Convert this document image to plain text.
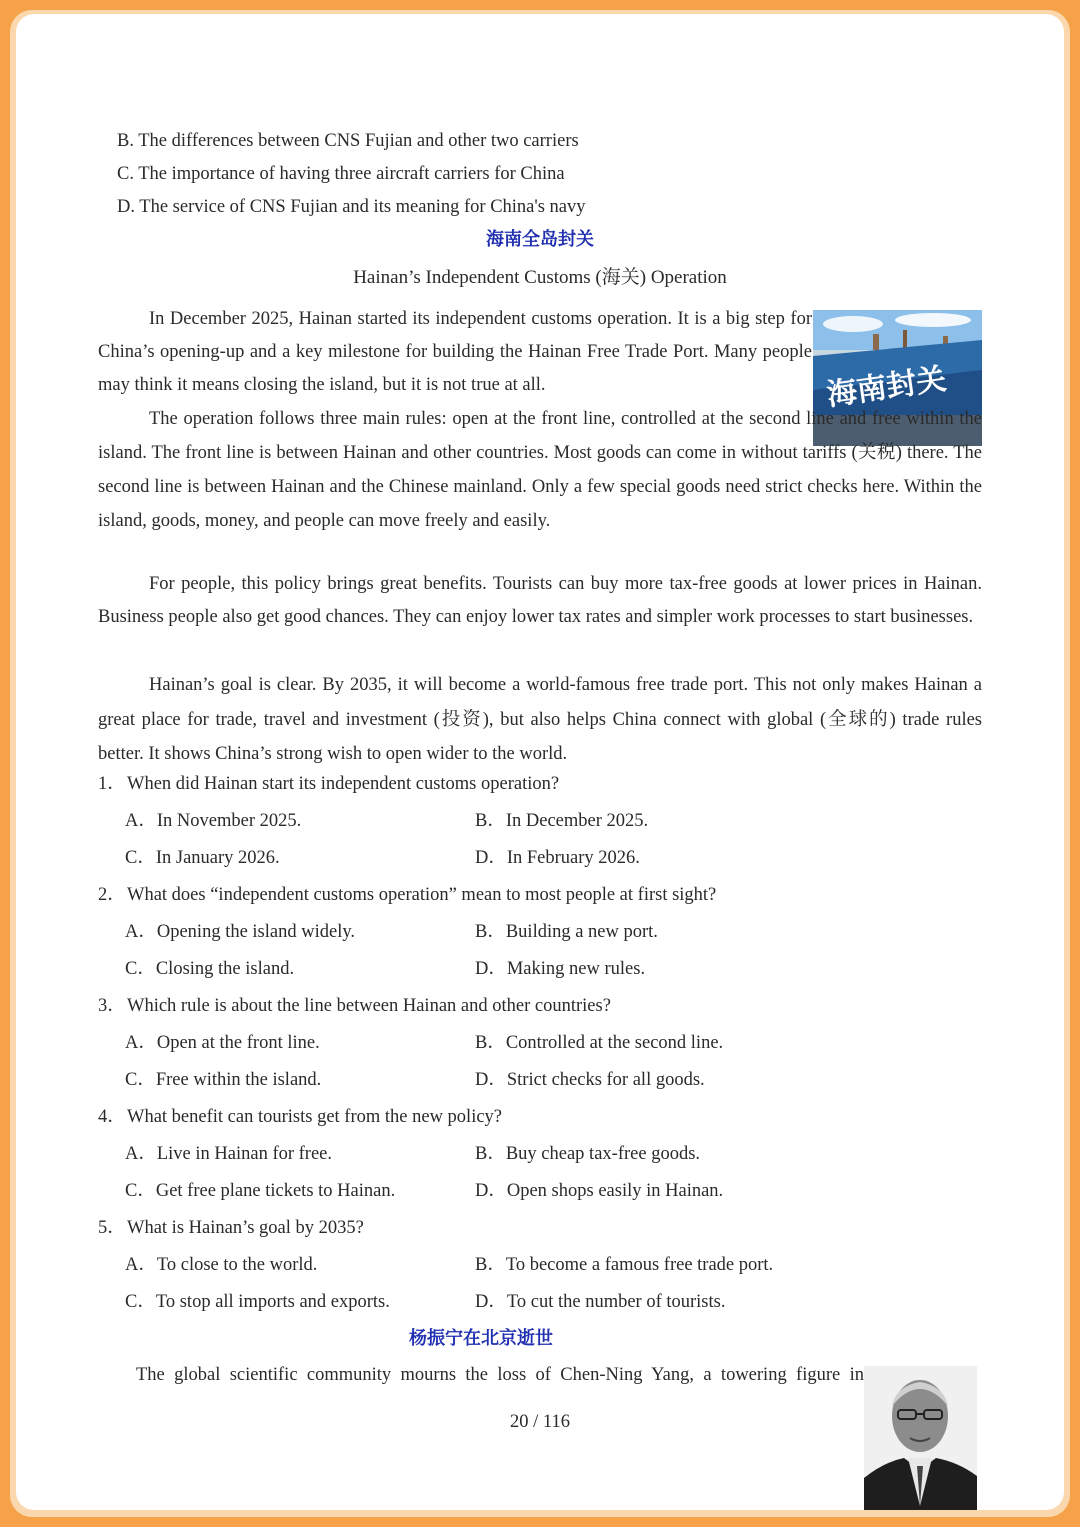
B. The differences between CNS Fujian and other two carriers
C. The importance of having three aircraft carriers for China
D. The service of CNS Fujian and its meaning for China's navy
海南全岛封关
Hainan’s Independent Customs (海关) Operation
海南封关

In December 2025, Hainan started its independent customs operation. It is a big step for China’s opening-up and a key milestone for building the Hainan Free Trade Port. Many people may think it means closing the island, but it is not true at all.

The operation follows three main rules: open at the front line, controlled at the second line and free within the island. The front line is between Hainan and other countries. Most goods can come in without tariffs (关税) there. The second line is between Hainan and the Chinese mainland. Only a few special goods need strict checks here. Within the island, goods, money, and people can move freely and easily.

For people, this policy brings great benefits. Tourists can buy more tax-free goods at lower prices in Hainan. Business people also get good chances. They can enjoy lower tax rates and simpler work processes to start businesses.

Hainan’s goal is clear. By 2035, it will become a world-famous free trade port. This not only makes Hainan a great place for trade, travel and investment (投资), but also helps China connect with global (全球的) trade rules better. It shows China’s strong wish to open wider to the world.

1． When did Hainan start its independent customs operation?
A．In November 2025.	B．In December 2025.
C．In January 2026.	D．In February 2026.
2． What does “independent customs operation” mean to most people at first sight?
A．Opening the island widely.	B．Building a new port.
C．Closing the island.	D．Making new rules.
3． Which rule is about the line between Hainan and other countries?
A．Open at the front line.	B．Controlled at the second line.
C．Free within the island.	D．Strict checks for all goods.
4． What benefit can tourists get from the new policy?
A．Live in Hainan for free.	B．Buy cheap tax-free goods.
C．Get free plane tickets to Hainan.	D．Open shops easily in Hainan.
5． What is Hainan’s goal by 2035?
A．To close to the world.	B．To become a famous free trade port.
C．To stop all imports and exports.	D．To cut the number of tourists.
杨振宁在北京逝世
The global scientific community mourns the loss of Chen-Ning Yang, a towering figure in
20 / 116
